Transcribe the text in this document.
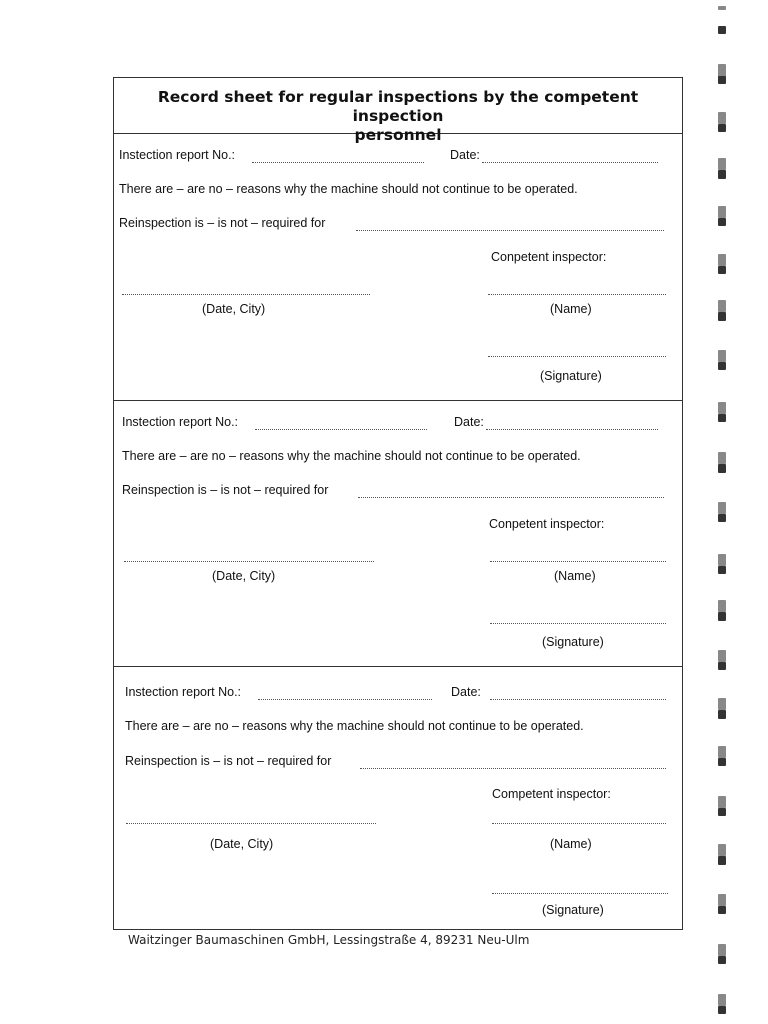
Record sheet for regular inspections by the competent inspection
personnel
Instection report No.:	Date:
There are – are no – reasons why the machine should not continue to be operated.
Reinspection is – is not – required for
Conpetent inspector:
(Date, City)	(Name)
(Signature)
Instection report No.:	Date:
There are – are no – reasons why the machine should not continue to be operated.
Reinspection is – is not – required for
Conpetent inspector:
(Date, City)	(Name)
(Signature)
Instection report No.:	Date:
There are – are no – reasons why the machine should not continue to be operated.
Reinspection is – is not – required for
Competent inspector:
(Date, City)	(Name)
(Signature)
Waitzinger Baumaschinen GmbH, Lessingstraße 4, 89231 Neu-Ulm
